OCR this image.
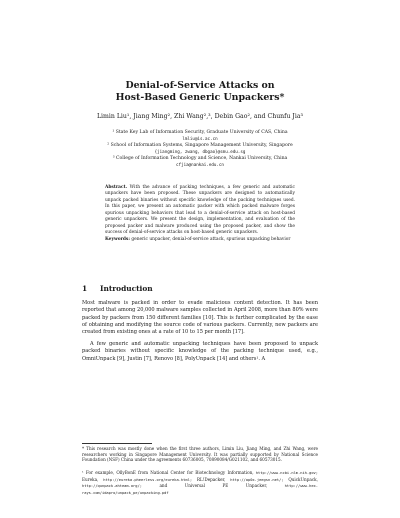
Denial-of-Service Attacks on
Host-Based Generic Unpackers*
Limin Liu¹, Jiang Ming², Zhi Wang²,³, Debin Gao², and Chunfu Jia³
¹ State Key Lab of Information Security, Graduate University of CAS, China
lmliu@is.ac.cn
² School of Information Systems, Singapore Management University, Singapore
{jiangming, zwang, dbgao}@smu.edu.sg
³ College of Information Technology and Science, Nankai University, China
cfjia@nankai.edu.cn
Abstract. With the advance of packing techniques, a few generic and automatic unpackers have been proposed. These unpackers are designed to automatically unpack packed binaries without specific knowledge of the packing techniques used. In this paper, we present an automatic packer with which packed malware forges spurious unpacking behaviors that lead to a denial-of-service attack on host-based generic unpackers. We present the design, implementation, and evaluation of the proposed packer and malware produced using the proposed packer, and show the success of denial-of-service attacks on host-based generic unpackers.
Keywords: generic unpacker, denial-of-service attack, spurious unpacking behavior
1 Introduction
Most malware is packed in order to evade malicious content detection. It has been reported that among 20,000 malware samples collected in April 2008, more than 80% were packed by packers from 150 different families [10]. This is further complicated by the ease of obtaining and modifying the source code of various packers. Currently, new packers are created from existing ones at a rate of 10 to 15 per month [17].
A few generic and automatic unpacking techniques have been proposed to unpack packed binaries without specific knowledge of the packing technique used, e.g., OmniUnpack [9], Justin [7], Renovo [8], PolyUnpack [14] and others¹. A
* This research was mostly done when the first three authors, Limin Liu, Jiang Ming, and Zhi Wang, were researchers working in Singapore Management University. It was partially supported by National Science Foundation (NSF) China under the agreements 60736005, 70890084/G021102, and 60573015.
¹ For example, OllyBonE from National Center for Biotechnology Information, http://www.ncbi.nlm.nih.gov; Eureka, http://eureka.pheerless.org/eureka.html; RL!Depacker, http://ap0x.jeegsn.net/; QuickUnpack, http://qunpack.ahteam.org/;	and Universal PE Unpacker,	http://www.hex-rays.com/idapro/unpack_pe/unpacking.pdf
